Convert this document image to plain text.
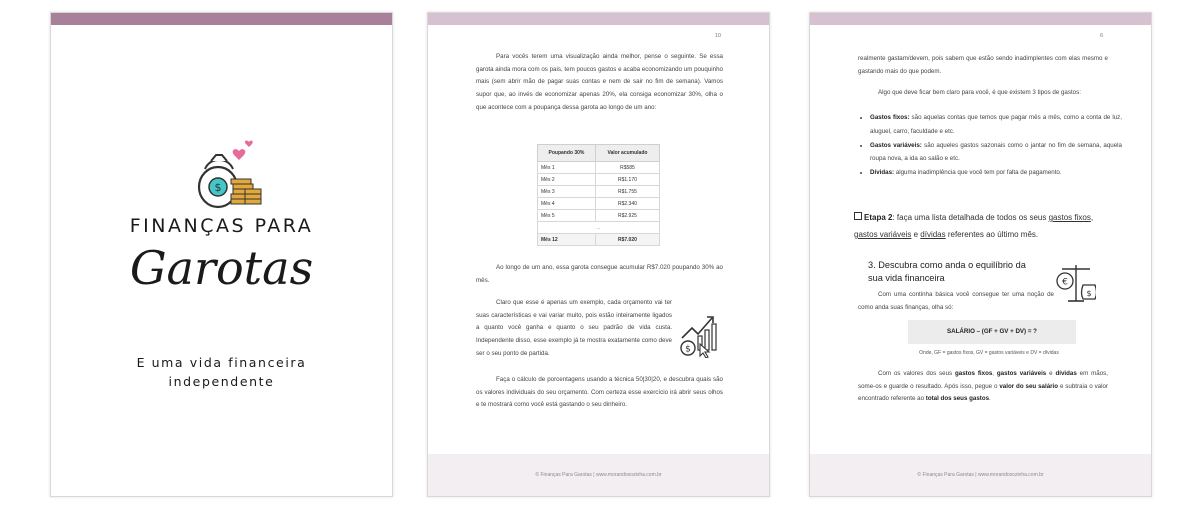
$
FINANÇAS PARA
Garotas
E uma vida financeira
independente
10

Para vocês terem uma visualização ainda melhor, pense o seguinte. Se essa garota ainda mora com os pais, tem poucos gastos e acaba economizando um pouquinho mais (sem abrir mão de pagar suas contas e nem de sair no fim de semana). Vamos supor que, ao invés de economizar apenas 20%, ela consiga economizar 30%, olha o que acontece com a poupança dessa garota ao longo de um ano:

Poupando 30%	Valor acumulado
Mês 1	R$585
Mês 2	R$1.170
Mês 3	R$1.755
Mês 4	R$2.340
Mês 5	R$2.925
...	
Mês 12	R$7.020

Ao longo de um ano, essa garota consegue acumular R$7.020 poupando 30% ao mês.

Claro que esse é apenas um exemplo, cada orçamento vai ter suas características e vai variar muito, pois estão inteiramente ligados a quanto você ganha e quanto o seu padrão de vida custa. Independente disso, esse exemplo já te mostra exatamente como deve ser o seu ponto de partida.	$

Faça o cálculo de porcentagens usando a técnica 50|30|20, e descubra quais são os valores individuais do seu orçamento. Com certeza esse exercício irá abrir seus olhos e te mostrará como você está gastando o seu dinheiro.

© Finanças Para Garotas | www.morandosozinha.com.br
6

realmente gastam/devem, pois sabem que estão sendo inadimplentes com elas mesmo e gastando mais do que podem.

Algo que deve ficar bem claro para você, é que existem 3 tipos de gastos:

• Gastos fixos: são aquelas contas que temos que pagar mês a mês, como a conta de luz, aluguel, carro, faculdade e etc.
• Gastos variáveis: são aqueles gastos sazonais como o jantar no fim de semana, aquela roupa nova, a ida ao salão e etc.
• Dívidas: alguma inadimplência que você tem por falta de pagamento.
Etapa 2: faça uma lista detalhada de todos os seus gastos fixos, gastos variáveis e dívidas referentes ao último mês.
3. Descubra como anda o equilíbrio da sua vida financeira	€
$

Com uma continha básica você consegue ter uma noção de como anda suas finanças, olha só:

SALÁRIO – (GF + GV + DV) = ?
Onde, GF = gastos fixos, GV = gastos variáveis e DV = dívidas

Com os valores dos seus gastos fixos, gastos variáveis e dívidas em mãos, some-os e guarde o resultado. Após isso, pegue o valor do seu salário e subtraia o valor encontrado referente ao total dos seus gastos.

© Finanças Para Garotas | www.morandosozinha.com.br
